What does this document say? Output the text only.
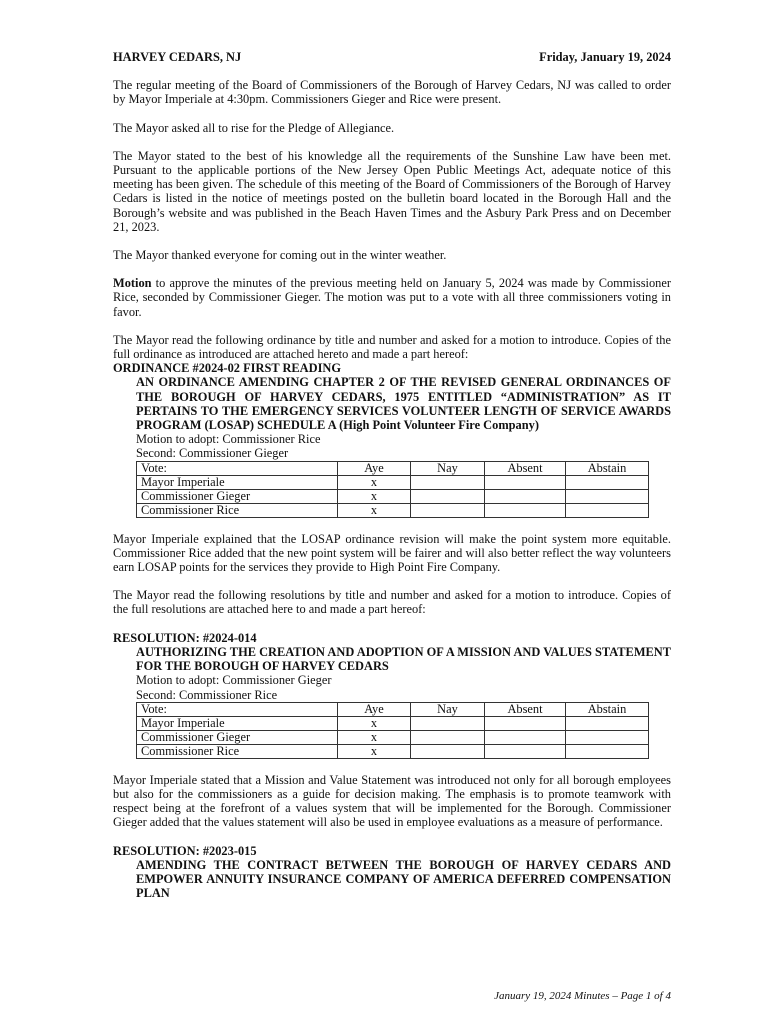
HARVEY CEDARS, NJ	Friday, January 19, 2024

The regular meeting of the Board of Commissioners of the Borough of Harvey Cedars, NJ was called to order by Mayor Imperiale at 4:30pm. Commissioners Gieger and Rice were present.

The Mayor asked all to rise for the Pledge of Allegiance.

The Mayor stated to the best of his knowledge all the requirements of the Sunshine Law have been met. Pursuant to the applicable portions of the New Jersey Open Public Meetings Act, adequate notice of this meeting has been given. The schedule of this meeting of the Board of Commissioners of the Borough of Harvey Cedars is listed in the notice of meetings posted on the bulletin board located in the Borough Hall and the Borough’s website and was published in the Beach Haven Times and the Asbury Park Press and on December 21, 2023.

The Mayor thanked everyone for coming out in the winter weather.

Motion to approve the minutes of the previous meeting held on January 5, 2024 was made by Commissioner Rice, seconded by Commissioner Gieger. The motion was put to a vote with all three commissioners voting in favor.

The Mayor read the following ordinance by title and number and asked for a motion to introduce. Copies of the full ordinance as introduced are attached hereto and made a part hereof:

ORDINANCE #2024-02 FIRST READING

AN ORDINANCE AMENDING CHAPTER 2 OF THE REVISED GENERAL ORDINANCES OF THE BOROUGH OF HARVEY CEDARS, 1975 ENTITLED “ADMINISTRATION” AS IT PERTAINS TO THE EMERGENCY SERVICES VOLUNTEER LENGTH OF SERVICE AWARDS PROGRAM (LOSAP) SCHEDULE A (High Point Volunteer Fire Company)

Motion to adopt: Commissioner Rice
Second: Commissioner Gieger
Vote:	Aye	Nay	Absent	Abstain
Mayor Imperiale	x			
Commissioner Gieger	x			
Commissioner Rice	x			

Mayor Imperiale explained that the LOSAP ordinance revision will make the point system more equitable. Commissioner Rice added that the new point system will be fairer and will also better reflect the way volunteers earn LOSAP points for the services they provide to High Point Fire Company.

The Mayor read the following resolutions by title and number and asked for a motion to introduce. Copies of the full resolutions are attached here to and made a part hereof:

RESOLUTION: #2024-014

AUTHORIZING THE CREATION AND ADOPTION OF A MISSION AND VALUES STATEMENT FOR THE BOROUGH OF HARVEY CEDARS

Motion to adopt: Commissioner Gieger
Second: Commissioner Rice
Vote:	Aye	Nay	Absent	Abstain
Mayor Imperiale	x			
Commissioner Gieger	x			
Commissioner Rice	x			

Mayor Imperiale stated that a Mission and Value Statement was introduced not only for all borough employees but also for the commissioners as a guide for decision making. The emphasis is to promote teamwork with respect being at the forefront of a values system that will be implemented for the Borough. Commissioner Gieger added that the values statement will also be used in employee evaluations as a measure of performance.

RESOLUTION: #2023-015

AMENDING THE CONTRACT BETWEEN THE BOROUGH OF HARVEY CEDARS AND EMPOWER ANNUITY INSURANCE COMPANY OF AMERICA DEFERRED COMPENSATION PLAN

January 19, 2024 Minutes – Page 1 of 4
